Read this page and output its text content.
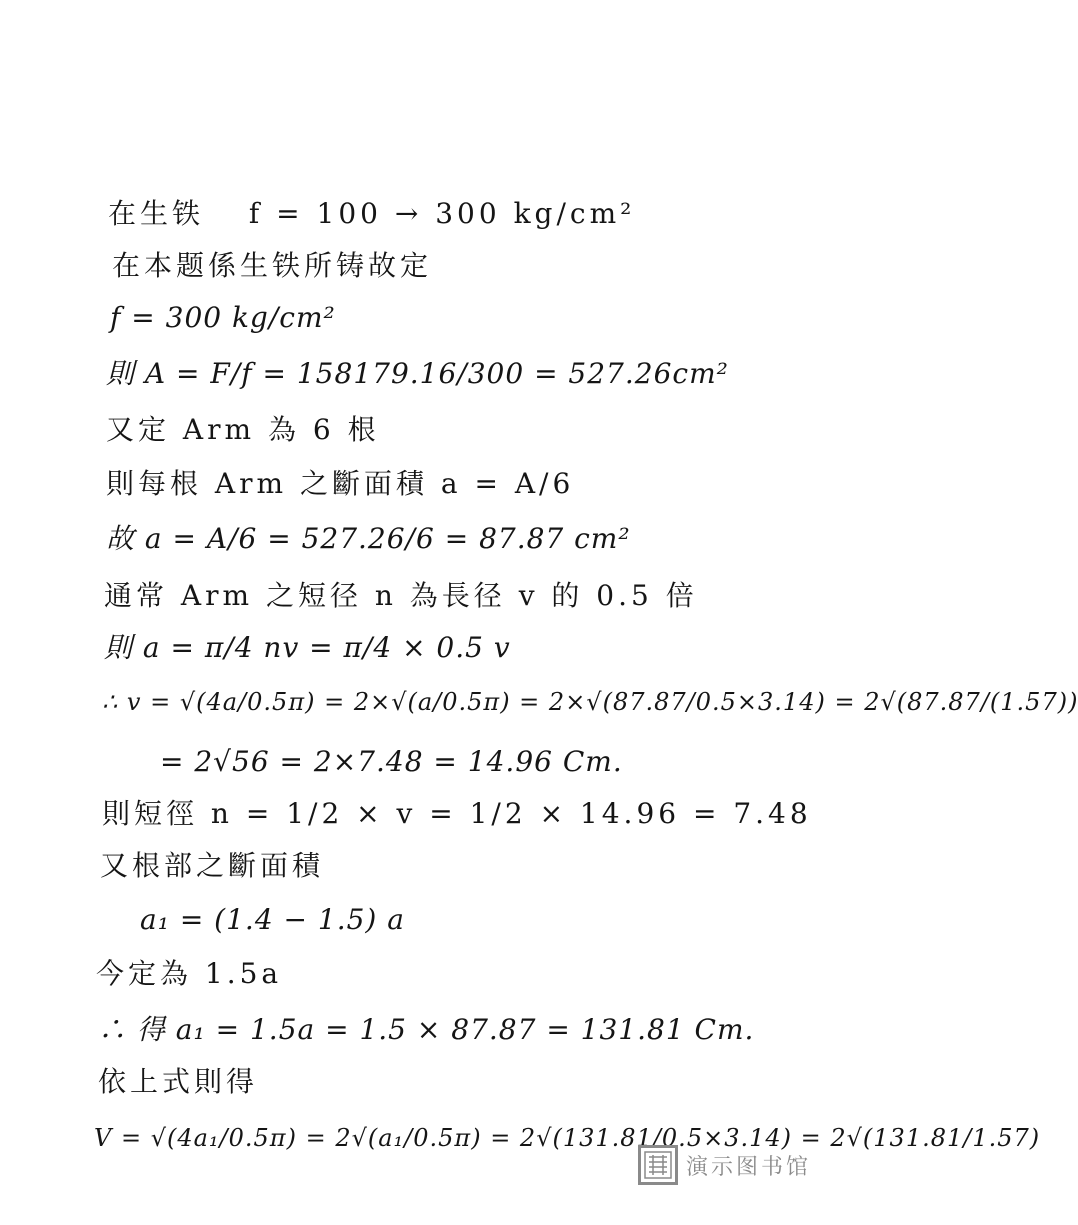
在生铁　 f = 100 → 300 kg/cm²
在本题係生铁所铸故定
f = 300 kg/cm²
則 A = F/f = 158179.16/300 = 527.26cm²
又定 Arm 為 6 根
則每根 Arm 之斷面積 a = A/6
故 a = A/6 = 527.26/6 = 87.87 cm²
通常 Arm 之短径 n 為長径 v 的 0.5 倍
則 a = π/4 nv = π/4 × 0.5 v
∴ v = √(4a/0.5π) = 2×√(a/0.5π) = 2×√(87.87/0.5×3.14) = 2√(87.87/(1.57))
= 2√56 = 2×7.48 = 14.96 Cm.
則短徑 n = 1/2 × v = 1/2 × 14.96 = 7.48
又根部之斷面積
a₁ = (1.4 − 1.5) a
今定為 1.5a
∴ 得 a₁ = 1.5a = 1.5 × 87.87 = 131.81 Cm.
依上式則得
V = √(4a₁/0.5π) = 2√(a₁/0.5π) = 2√(131.81/0.5×3.14) = 2√(131.81/1.57)
演示图书馆
